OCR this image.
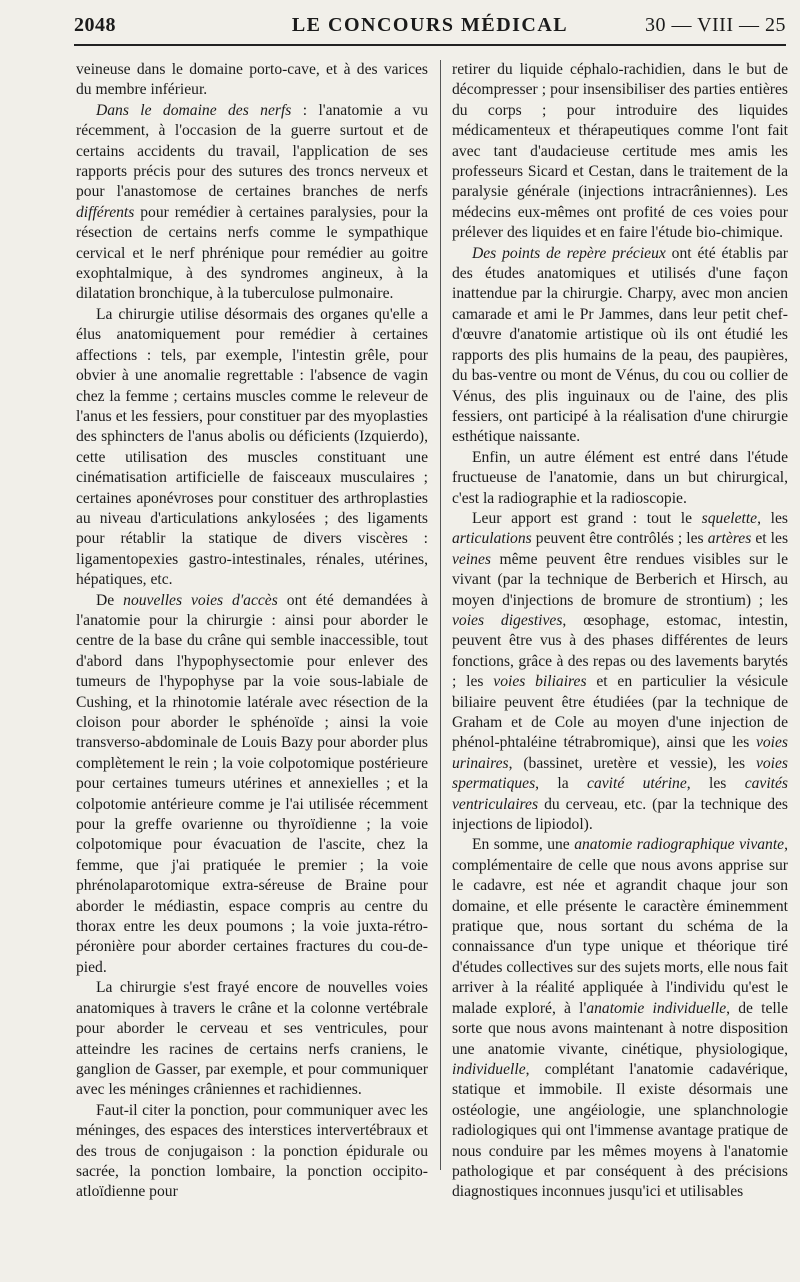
2048	LE CONCOURS MÉDICAL	30 — VIII — 25

veineuse dans le domaine porto-cave, et à des varices du membre inférieur.

Dans le domaine des nerfs : l'anatomie a vu récemment, à l'occasion de la guerre surtout et de certains accidents du travail, l'application de ses rapports précis pour des sutures des troncs nerveux et pour l'anastomose de certaines branches de nerfs différents pour remédier à certaines paralysies, pour la résection de certains nerfs comme le sympathique cervical et le nerf phrénique pour remédier au goitre exophtalmique, à des syndromes angineux, à la dilatation bronchique, à la tuberculose pulmonaire.

La chirurgie utilise désormais des organes qu'elle a élus anatomiquement pour remédier à certaines affections : tels, par exemple, l'intestin grêle, pour obvier à une anomalie regrettable : l'absence de vagin chez la femme ; certains muscles comme le releveur de l'anus et les fessiers, pour constituer par des myoplasties des sphincters de l'anus abolis ou déficients (Izquierdo), cette utilisation des muscles constituant une cinématisation artificielle de faisceaux musculaires ; certaines aponévroses pour constituer des arthroplasties au niveau d'articulations ankylosées ; des ligaments pour rétablir la statique de divers viscères : ligamentopexies gastro-intestinales, rénales, utérines, hépatiques, etc.

De nouvelles voies d'accès ont été demandées à l'anatomie pour la chirurgie : ainsi pour aborder le centre de la base du crâne qui semble inaccessible, tout d'abord dans l'hypophysectomie pour enlever des tumeurs de l'hypophyse par la voie sous-labiale de Cushing, et la rhinotomie latérale avec résection de la cloison pour aborder le sphénoïde ; ainsi la voie transverso-abdominale de Louis Bazy pour aborder plus complètement le rein ; la voie colpotomique postérieure pour certaines tumeurs utérines et annexielles ; et la colpotomie antérieure comme je l'ai utilisée récemment pour la greffe ovarienne ou thyroïdienne ; la voie colpotomique pour évacuation de l'ascite, chez la femme, que j'ai pratiquée le premier ; la voie phrénolaparotomique extra-séreuse de Braine pour aborder le médiastin, espace compris au centre du thorax entre les deux poumons ; la voie juxta-rétro-péronière pour aborder certaines fractures du cou-de-pied.

La chirurgie s'est frayé encore de nouvelles voies anatomiques à travers le crâne et la colonne vertébrale pour aborder le cerveau et ses ventricules, pour atteindre les racines de certains nerfs craniens, le ganglion de Gasser, par exemple, et pour communiquer avec les méninges crâniennes et rachidiennes.

Faut-il citer la ponction, pour communiquer avec les méninges, des espaces des interstices intervertébraux et des trous de conjugaison : la ponction épidurale ou sacrée, la ponction lombaire, la ponction occipito-atloïdienne pour

retirer du liquide céphalo-rachidien, dans le but de décompresser ; pour insensibiliser des parties entières du corps ; pour introduire des liquides médicamenteux et thérapeutiques comme l'ont fait avec tant d'audacieuse certitude mes amis les professeurs Sicard et Cestan, dans le traitement de la paralysie générale (injections intracrâniennes). Les médecins eux-mêmes ont profité de ces voies pour prélever des liquides et en faire l'étude bio-chimique.

Des points de repère précieux ont été établis par des études anatomiques et utilisés d'une façon inattendue par la chirurgie. Charpy, avec mon ancien camarade et ami le Pr Jammes, dans leur petit chef-d'œuvre d'anatomie artistique où ils ont étudié les rapports des plis humains de la peau, des paupières, du bas-ventre ou mont de Vénus, du cou ou collier de Vénus, des plis inguinaux ou de l'aine, des plis fessiers, ont participé à la réalisation d'une chirurgie esthétique naissante.

Enfin, un autre élément est entré dans l'étude fructueuse de l'anatomie, dans un but chirurgical, c'est la radiographie et la radioscopie.

Leur apport est grand : tout le squelette, les articulations peuvent être contrôlés ; les artères et les veines même peuvent être rendues visibles sur le vivant (par la technique de Berberich et Hirsch, au moyen d'injections de bromure de strontium) ; les voies digestives, œsophage, estomac, intestin, peuvent être vus à des phases différentes de leurs fonctions, grâce à des repas ou des lavements barytés ; les voies biliaires et en particulier la vésicule biliaire peuvent être étudiées (par la technique de Graham et de Cole au moyen d'une injection de phénol-phtaléine tétrabromique), ainsi que les voies urinaires, (bassinet, uretère et vessie), les voies spermatiques, la cavité utérine, les cavités ventriculaires du cerveau, etc. (par la technique des injections de lipiodol).

En somme, une anatomie radiographique vivante, complémentaire de celle que nous avons apprise sur le cadavre, est née et agrandit chaque jour son domaine, et elle présente le caractère éminemment pratique que, nous sortant du schéma de la connaissance d'un type unique et théorique tiré d'études collectives sur des sujets morts, elle nous fait arriver à la réalité appliquée à l'individu qu'est le malade exploré, à l'anatomie individuelle, de telle sorte que nous avons maintenant à notre disposition une anatomie vivante, cinétique, physiologique, individuelle, complétant l'anatomie cadavérique, statique et immobile. Il existe désormais une ostéologie, une angéiologie, une splanchnologie radiologiques qui ont l'immense avantage pratique de nous conduire par les mêmes moyens à l'anatomie pathologique et par conséquent à des précisions diagnostiques inconnues jusqu'ici et utilisables
